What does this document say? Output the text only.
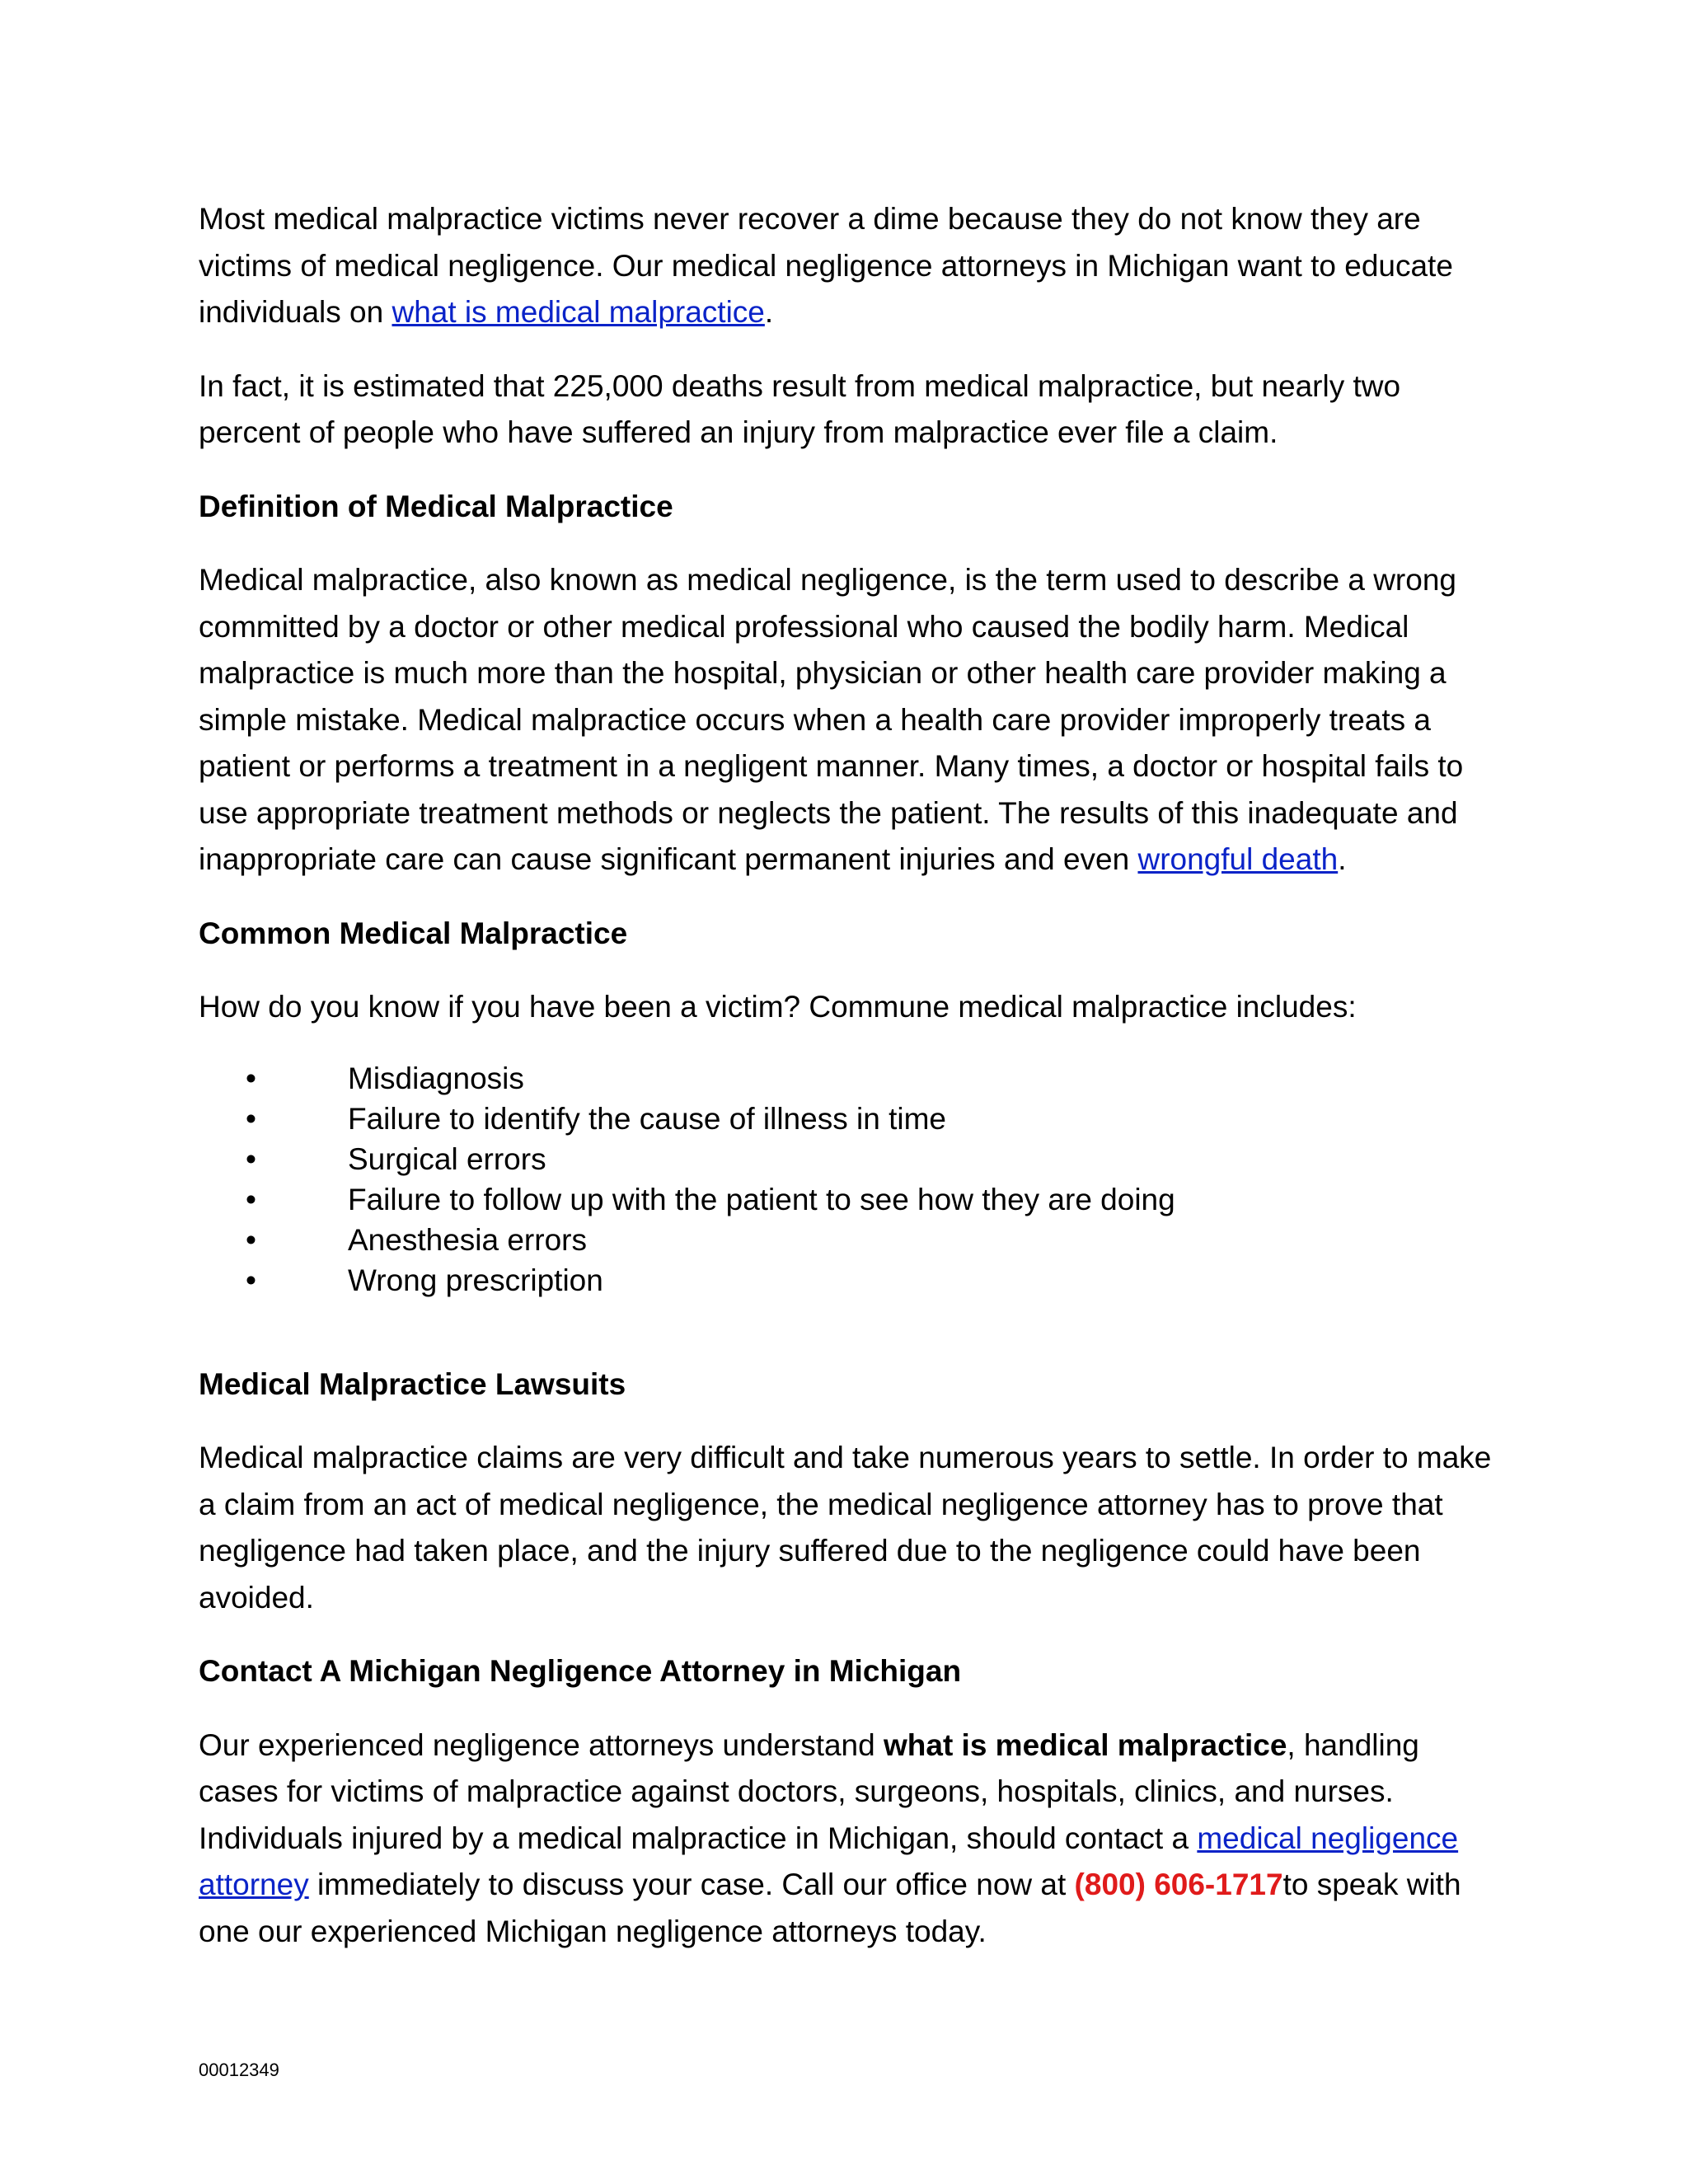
Most medical malpractice victims never recover a dime because they do not know they are victims of medical negligence. Our medical negligence attorneys in Michigan want to educate individuals on what is medical malpractice.

In fact, it is estimated that 225,000 deaths result from medical malpractice, but nearly two percent of people who have suffered an injury from malpractice ever file a claim.

Definition of Medical Malpractice

Medical malpractice, also known as medical negligence, is the term used to describe a wrong committed by a doctor or other medical professional who caused the bodily harm. Medical malpractice is much more than the hospital, physician or other health care provider making a simple mistake. Medical malpractice occurs when a health care provider improperly treats a patient or performs a treatment in a negligent manner. Many times, a doctor or hospital fails to use appropriate treatment methods or neglects the patient. The results of this inadequate and inappropriate care can cause significant permanent injuries and even wrongful death.

Common Medical Malpractice

How do you know if you have been a victim? Commune medical malpractice includes:

•	Misdiagnosis
•	Failure to identify the cause of illness in time
•	Surgical errors
•	Failure to follow up with the patient to see how they are doing
•	Anesthesia errors
•	Wrong prescription
Medical Malpractice Lawsuits

Medical malpractice claims are very difficult and take numerous years to settle. In order to make a claim from an act of medical negligence, the medical negligence attorney has to prove that negligence had taken place, and the injury suffered due to the negligence could have been avoided.

Contact A Michigan Negligence Attorney in Michigan

Our experienced negligence attorneys understand what is medical malpractice, handling cases for victims of malpractice against doctors, surgeons, hospitals, clinics, and nurses. Individuals injured by a medical malpractice in Michigan, should contact a medical negligence attorney immediately to discuss your case. Call our office now at (800) 606-1717to speak with one our experienced Michigan negligence attorneys today.

00012349
